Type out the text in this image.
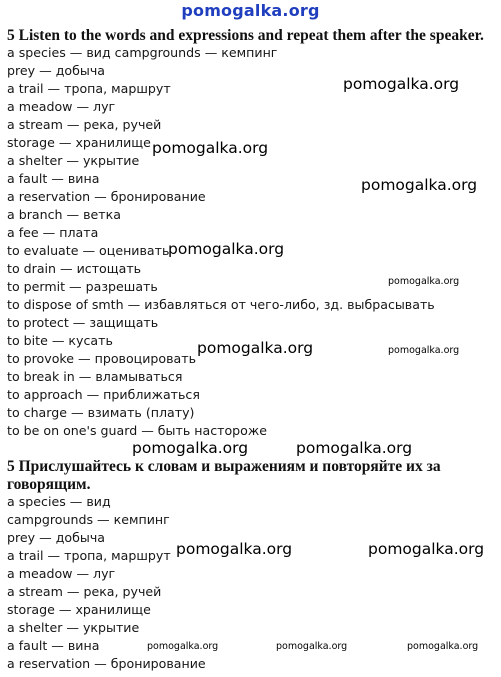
pomogalka.org
5 Listen to the words and expressions and repeat them after the speaker.
a species — вид campgrounds — кемпинг
prey — добыча
a trail — тропа, маршрут
a meadow — луг
a stream — река, ручей
storage — хранилище
a shelter — укрытие
a fault — вина
a reservation — бронирование
a branch — ветка
a fee — плата
to evaluate — оценивать
to drain — истощать
to permit — разрешать
to dispose of smth — избавляться от чего-либо, зд. выбрасывать
to protect — защищать
to bite — кусать
to provoke — провоцировать
to break in — вламываться
to approach — приближаться
to charge — взимать (плату)
to be on one's guard — быть настороже
5 Прислушайтесь к словам и выражениям и повторяйте их за говорящим.
a species — вид
campgrounds — кемпинг
prey — добыча
a trail — тропа, маршрут
a meadow — луг
a stream — река, ручей
storage — хранилище
a shelter — укрытие
a fault — вина
a reservation — бронирование
pomogalka.org
pomogalka.org
pomogalka.org
pomogalka.org
pomogalka.org
pomogalka.org	pomogalka.org
pomogalka.org	pomogalka.org
pomogalka.org	pomogalka.org
pomogalka.org	pomogalka.org	pomogalka.org
